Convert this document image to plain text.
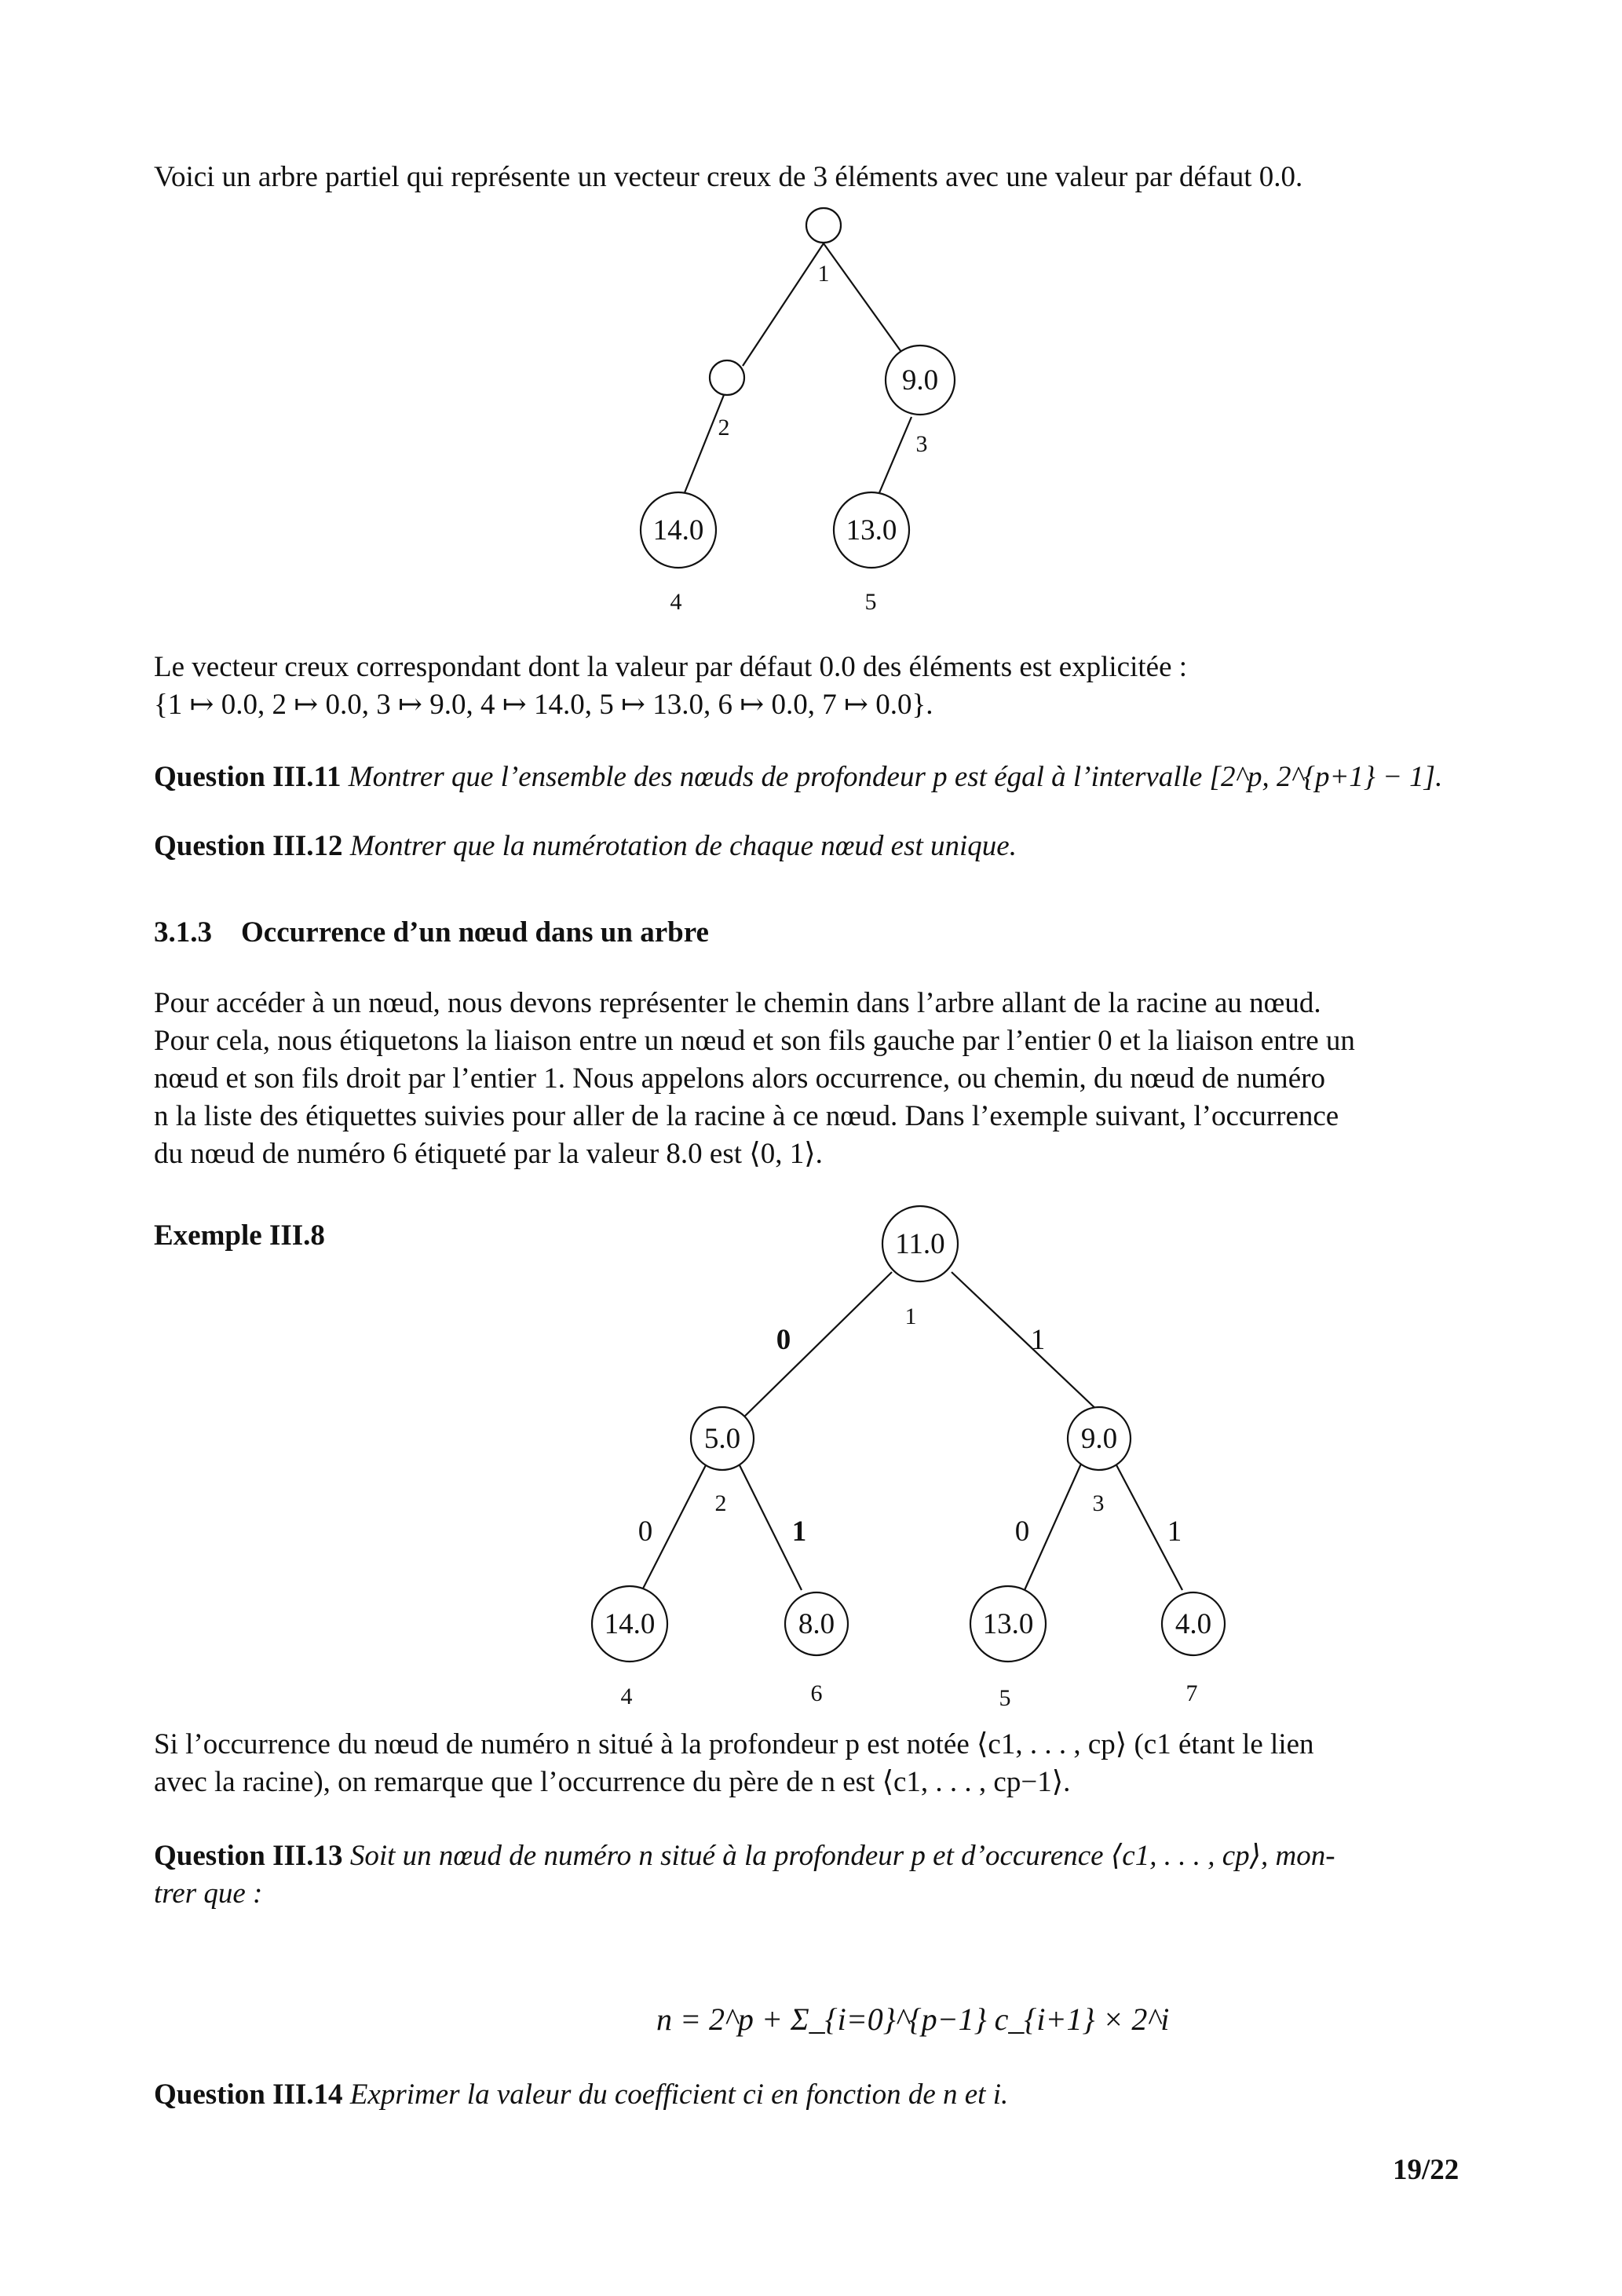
Voici un arbre partiel qui représente un vecteur creux de 3 éléments avec une valeur par défaut 0.0.
9.0
14.0	13.0
1
2
3
4	5
11.0
5.0	9.0
14.0	8.0	13.0	4.0
1
2	3
4	6	5	7
0	1
0	1	0	1
Le vecteur creux correspondant dont la valeur par défaut 0.0 des éléments est explicitée :
{1 ↦ 0.0, 2 ↦ 0.0, 3 ↦ 9.0, 4 ↦ 14.0, 5 ↦ 13.0, 6 ↦ 0.0, 7 ↦ 0.0}.
Question III.11 Montrer que l’ensemble des nœuds de profondeur p est égal à l’intervalle [2^p, 2^{p+1} − 1].
Question III.12 Montrer que la numérotation de chaque nœud est unique.
3.1.3 Occurrence d’un nœud dans un arbre
Pour accéder à un nœud, nous devons représenter le chemin dans l’arbre allant de la racine au nœud.
Pour cela, nous étiquetons la liaison entre un nœud et son fils gauche par l’entier 0 et la liaison entre un
nœud et son fils droit par l’entier 1. Nous appelons alors occurrence, ou chemin, du nœud de numéro
n la liste des étiquettes suivies pour aller de la racine à ce nœud. Dans l’exemple suivant, l’occurrence
du nœud de numéro 6 étiqueté par la valeur 8.0 est ⟨0, 1⟩.
Exemple III.8
Si l’occurrence du nœud de numéro n situé à la profondeur p est notée ⟨c1, . . . , cp⟩ (c1 étant le lien
avec la racine), on remarque que l’occurrence du père de n est ⟨c1, . . . , cp−1⟩.
Question III.13 Soit un nœud de numéro n situé à la profondeur p et d’occurence ⟨c1, . . . , cp⟩, mon-
trer que :
n = 2^p + Σ_{i=0}^{p−1} c_{i+1} × 2^i
Question III.14 Exprimer la valeur du coefficient ci en fonction de n et i.
19/22
